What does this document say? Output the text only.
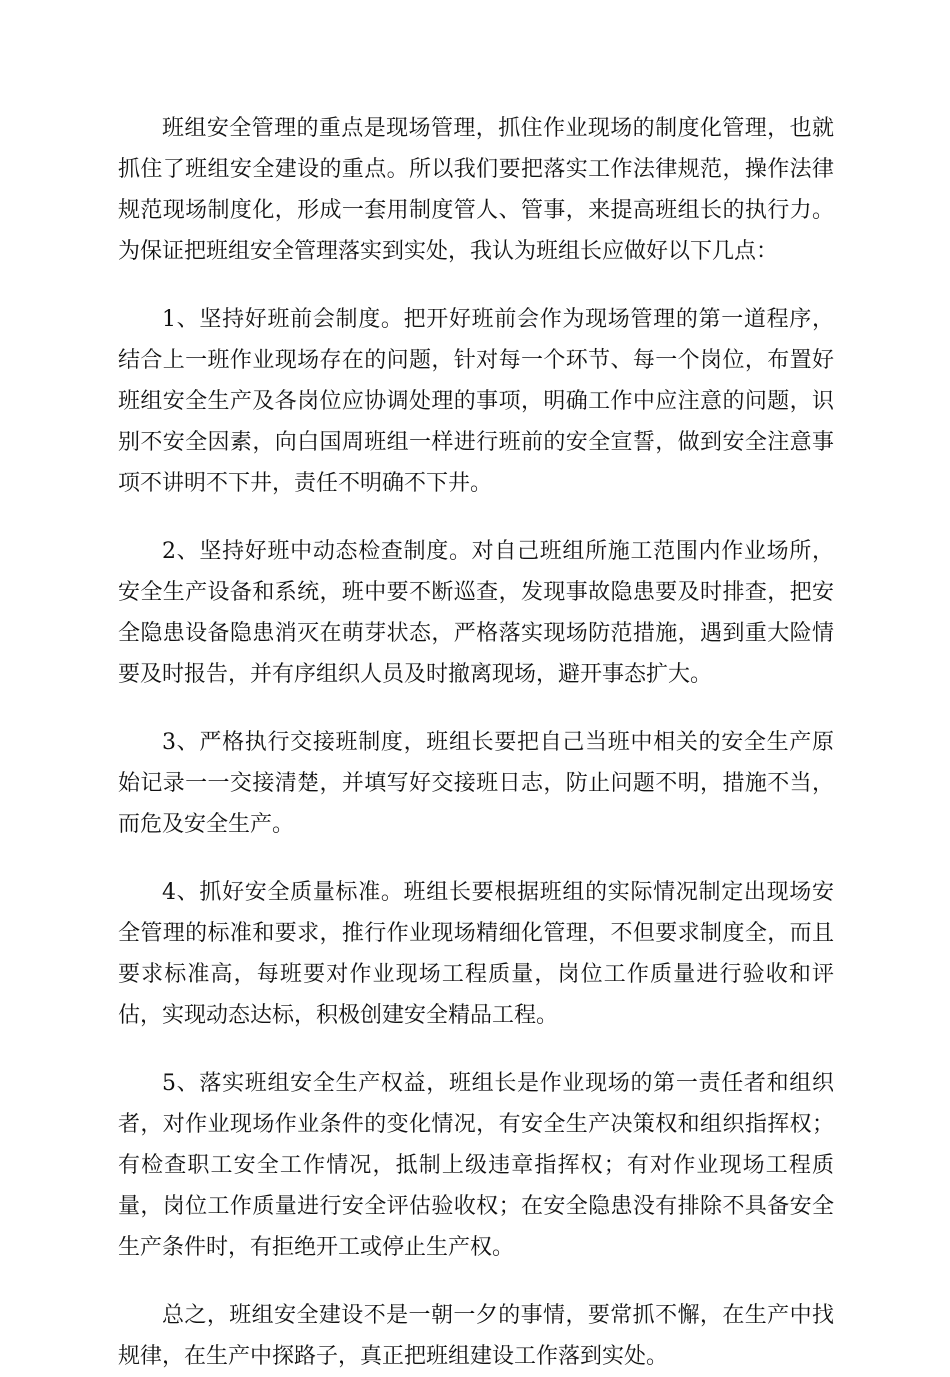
班组安全管理的重点是现场管理，抓住作业现场的制度化管理，也就抓住了班组安全建设的重点。所以我们要把落实工作法律规范，操作法律规范现场制度化，形成一套用制度管人、管事，来提高班组长的执行力。为保证把班组安全管理落实到实处，我认为班组长应做好以下几点：

1、坚持好班前会制度。把开好班前会作为现场管理的第一道程序，结合上一班作业现场存在的问题，针对每一个环节、每一个岗位，布置好班组安全生产及各岗位应协调处理的事项，明确工作中应注意的问题，识别不安全因素，向白国周班组一样进行班前的安全宣誓，做到安全注意事项不讲明不下井，责任不明确不下井。

2、坚持好班中动态检查制度。对自己班组所施工范围内作业场所，安全生产设备和系统，班中要不断巡查，发现事故隐患要及时排查，把安全隐患设备隐患消灭在萌芽状态，严格落实现场防范措施，遇到重大险情要及时报告，并有序组织人员及时撤离现场，避开事态扩大。

3、严格执行交接班制度，班组长要把自己当班中相关的安全生产原始记录一一交接清楚，并填写好交接班日志，防止问题不明，措施不当，而危及安全生产。

4、抓好安全质量标准。班组长要根据班组的实际情况制定出现场安全管理的标准和要求，推行作业现场精细化管理，不但要求制度全，而且要求标准高，每班要对作业现场工程质量，岗位工作质量进行验收和评估，实现动态达标，积极创建安全精品工程。

5、落实班组安全生产权益，班组长是作业现场的第一责任者和组织者，对作业现场作业条件的变化情况，有安全生产决策权和组织指挥权；有检查职工安全工作情况，抵制上级违章指挥权；有对作业现场工程质量，岗位工作质量进行安全评估验收权；在安全隐患没有排除不具备安全生产条件时，有拒绝开工或停止生产权。

总之，班组安全建设不是一朝一夕的事情，要常抓不懈，在生产中找规律，在生产中探路子，真正把班组建设工作落到实处。
